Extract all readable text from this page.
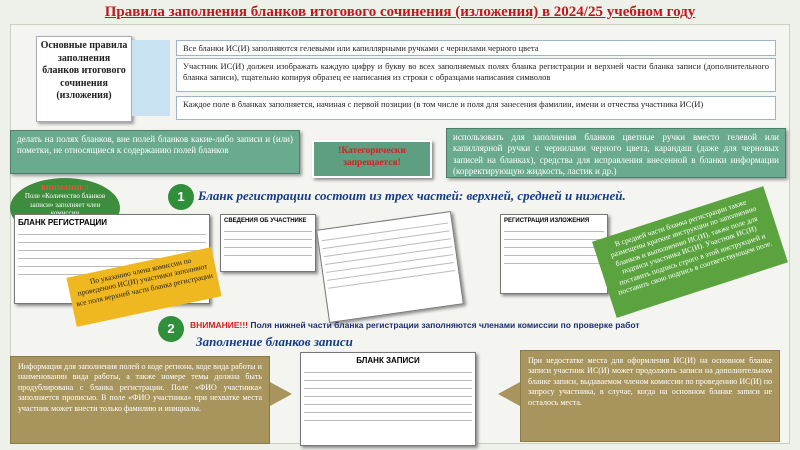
Правила заполнения бланков итогового сочинения (изложения) в 2024/25 учебном году
Основные правила заполнения бланков итогового сочинения (изложения)
Все бланки ИС(И) заполняются гелевыми или капиллярными ручками с чернилами черного цвета
Участник ИС(И) должен изображать каждую цифру и букву во всех заполняемых полях бланка регистрации и верхней части бланка записи (дополнительного бланка записи), тщательно копируя образец ее написания из строки с образцами написания символов
Каждое поле в бланках заполняется, начиная с первой позиции (в том числе и поля для занесения фамилии, имени и отчества участника ИС(И)
делать на полях бланков, вне полей бланков какие-либо записи и (или) пометки, не относящиеся к содержанию полей бланков	!Категорически запрещается!
использовать для заполнения бланков цветные ручки вместо гелевой или капиллярной ручки с чернилами черного цвета, карандаш (даже для черновых записей на бланках), средства для исправления внесенной в бланки информации (корректирующую жидкость, ластик и др.)
ВНИМАНИЕ!!
Поле «Количество бланков записи» заполняет член
1	Бланк регистрации состоит из трех частей: верхней, средней и нижней.
БЛАНК РЕГИСТРАЦИИ	СВЕДЕНИЯ ОБ УЧАСТНИКЕ	РЕГИСТРАЦИЯ ИЗЛОЖЕНИЯ
По указанию члена комиссии по проведению ИС(И) участники заполняют все поля верхней части бланка регистрации
В средней части бланка регистрации также размещены краткие инструкции по заполнению бланков и выполнению ИС(И), также поле для подписи участника ИС(И). Участник ИС(И) поставить подпись строго в этой инструкцией и поставить свою подпись в соответствующем поле.
ВНИМАНИЕ!!! Поля нижней части бланка регистрации заполняются членами комиссии по проверке работ
2
Заполнение бланков записи
БЛАНК ЗАПИСИ
Информация для заполнения полей о коде региона, коде вида работы и наименовании вида работы, а также номере темы должна быть продублирована с бланка регистрации. Поле «ФИО участника» заполняется прописью. В поле «ФИО участника» при нехватке места участник может внести только фамилию и инициалы.
При недостатке места для оформления ИС(И) на основном бланке записи участник ИС(И) может продолжить записи на дополнительном бланке записи, выдаваемом членом комиссии по проведению ИС(И) по запросу участника, в случае, когда на основном бланке записи не осталось места.
